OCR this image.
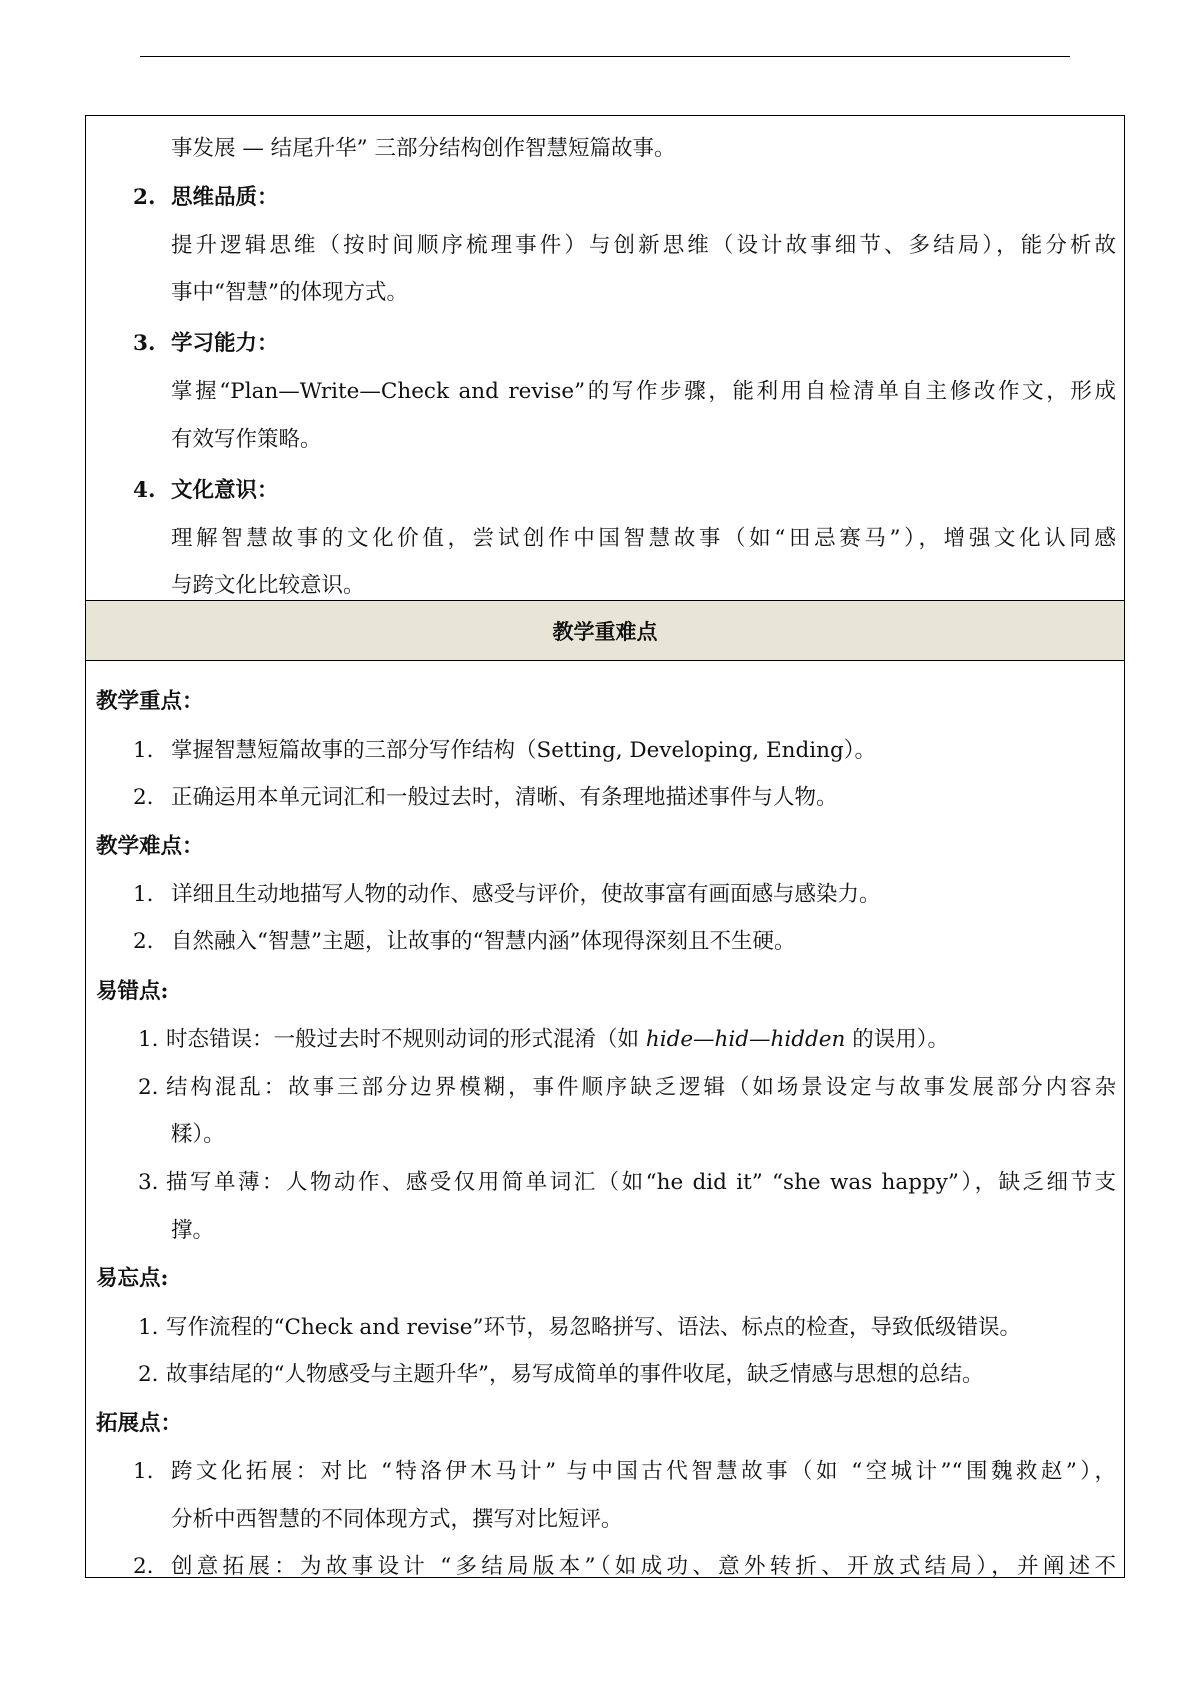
事发展 — 结尾升华” 三部分结构创作智慧短篇故事。
2. 思维品质：
提升逻辑思维（按时间顺序梳理事件）与创新思维（设计故事细节、多结局），能分析故
事中“智慧”的体现方式。
3. 学习能力：
掌握“Plan—Write—Check and revise”的写作步骤，能利用自检清单自主修改作文，形成
有效写作策略。
4. 文化意识：
理解智慧故事的文化价值，尝试创作中国智慧故事（如“田忌赛马”），增强文化认同感
与跨文化比较意识。
教学重难点
教学重点：
1. 掌握智慧短篇故事的三部分写作结构（Setting, Developing, Ending）。
2. 正确运用本单元词汇和一般过去时，清晰、有条理地描述事件与人物。
教学难点：
1. 详细且生动地描写人物的动作、感受与评价，使故事富有画面感与感染力。
2. 自然融入“智慧”主题，让故事的“智慧内涵”体现得深刻且不生硬。
易错点:
1. 时态错误：一般过去时不规则动词的形式混淆（如 hide—hid—hidden 的误用）。
2. 结构混乱：故事三部分边界模糊，事件顺序缺乏逻辑（如场景设定与故事发展部分内容杂
糅）。
3. 描写单薄：人物动作、感受仅用简单词汇（如“he did it” “she was happy”），缺乏细节支
撑。
易忘点:
1. 写作流程的“Check and revise”环节，易忽略拼写、语法、标点的检查，导致低级错误。
2. 故事结尾的“人物感受与主题升华”，易写成简单的事件收尾，缺乏情感与思想的总结。
拓展点：
1. 跨文化拓展：对比 “特洛伊木马计” 与中国古代智慧故事（如 “空城计”“围魏救赵”），
分析中西智慧的不同体现方式，撰写对比短评。
2. 创意拓展：为故事设计 “多结局版本”（如成功、意外转折、开放式结局），并阐述不
